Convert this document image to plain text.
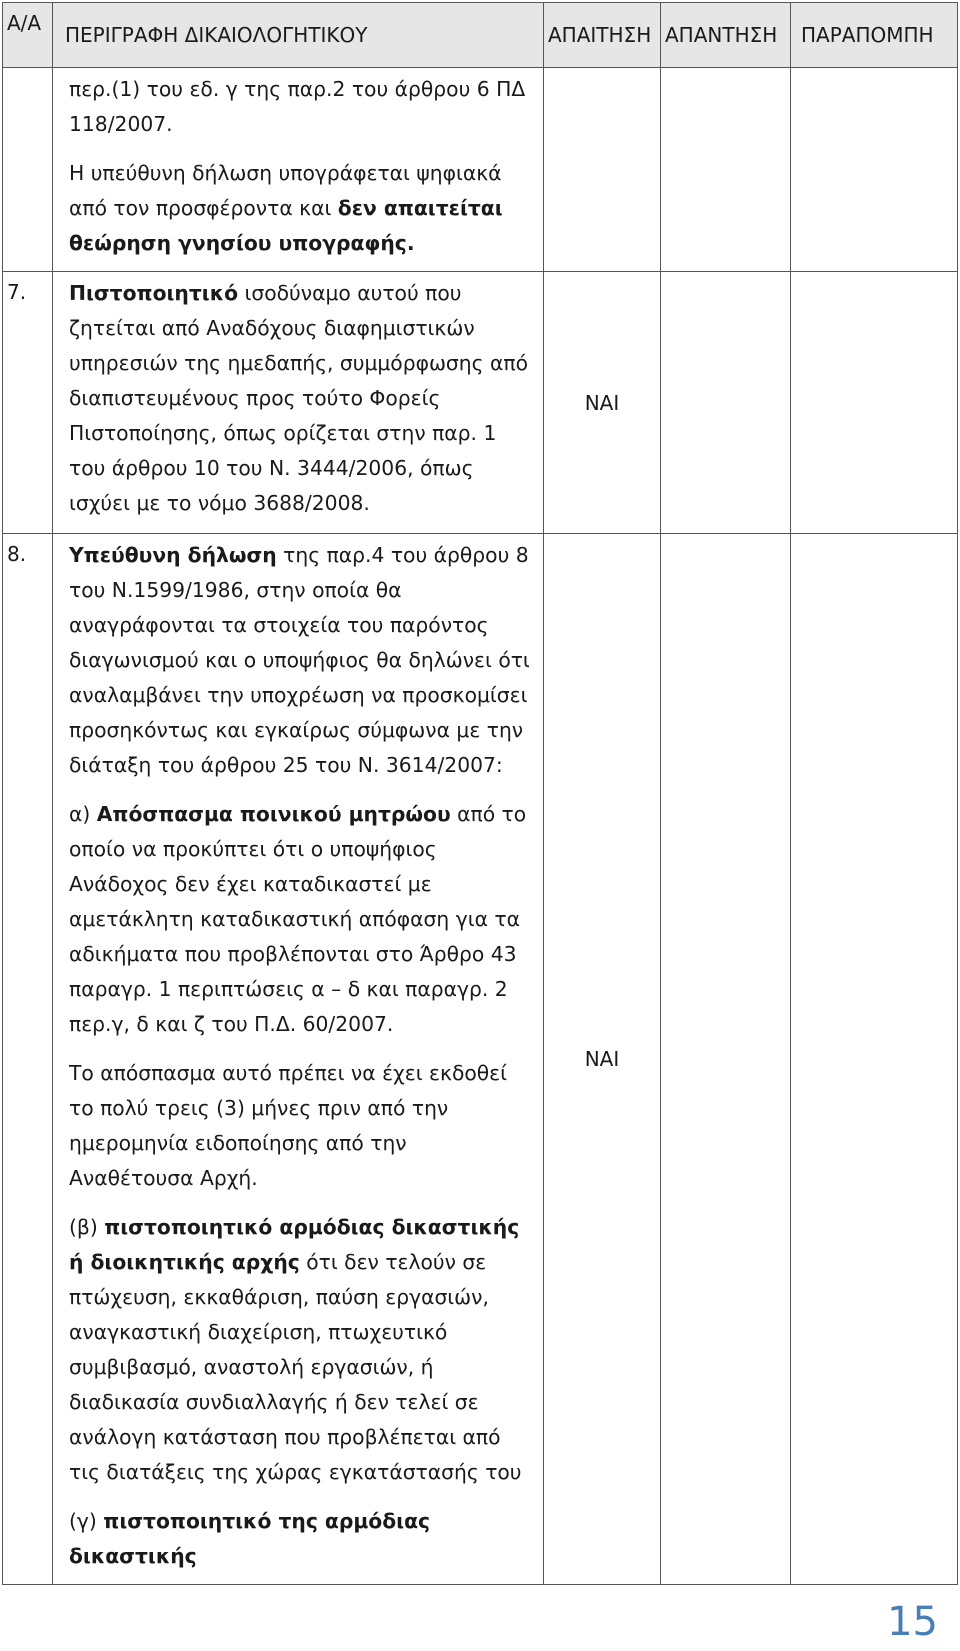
Α/Α	ΠΕΡΙΓΡΑΦΗ ΔΙΚΑΙΟΛΟΓΗΤΙΚΟΥ	ΑΠΑΙΤΗΣΗ	ΑΠΑΝΤΗΣΗ	ΠΑΡΑΠΟΜΠΗ

	περ.(1) του εδ. γ της παρ.2 του άρθρου 6 ΠΔ 118/2007.

Η υπεύθυνη δήλωση υπογράφεται ψηφιακά από τον προσφέροντα και δεν απαιτείται θεώρηση γνησίου υπογραφής.			

7.	Πιστοποιητικό ισοδύναμο αυτού που ζητείται από Αναδόχους διαφημιστικών υπηρεσιών της ημεδαπής, συμμόρφωσης από διαπιστευμένους προς τούτο Φορείς Πιστοποίησης, όπως ορίζεται στην παρ. 1 του άρθρου 10 του Ν. 3444/2006, όπως ισχύει με το νόμο 3688/2008.	ΝΑΙ		
8.	Υπεύθυνη δήλωση της παρ.4 του άρθρου 8 του Ν.1599/1986, στην οποία θα αναγράφονται τα στοιχεία του παρόντος διαγωνισμού και ο υποψήφιος θα δηλώνει ότι αναλαμβάνει την υποχρέωση να προσκομίσει προσηκόντως και εγκαίρως σύμφωνα με την διάταξη του άρθρου 25 του Ν. 3614/2007:

α) Απόσπασμα ποινικού μητρώου από το οποίο να προκύπτει ότι ο υποψήφιος Ανάδοχος δεν έχει καταδικαστεί με αμετάκλητη καταδικαστική απόφαση για τα αδικήματα που προβλέπονται στο Άρθρο 43 παραγρ. 1 περιπτώσεις α – δ και παραγρ. 2 περ.γ, δ και ζ του Π.Δ. 60/2007.

Το απόσπασμα αυτό πρέπει να έχει εκδοθεί το πολύ τρεις (3) μήνες πριν από την ημερομηνία ειδοποίησης από την Αναθέτουσα Αρχή.

(β) πιστοποιητικό αρμόδιας δικαστικής ή διοικητικής αρχής ότι δεν τελούν σε πτώχευση, εκκαθάριση, παύση εργασιών, αναγκαστική διαχείριση, πτωχευτικό συμβιβασμό, αναστολή εργασιών, ή διαδικασία συνδιαλλαγής ή δεν τελεί σε ανάλογη κατάσταση που προβλέπεται από τις διατάξεις της χώρας εγκατάστασής του

(γ) πιστοποιητικό της αρμόδιας δικαστικής	ΝΑΙ		
15
